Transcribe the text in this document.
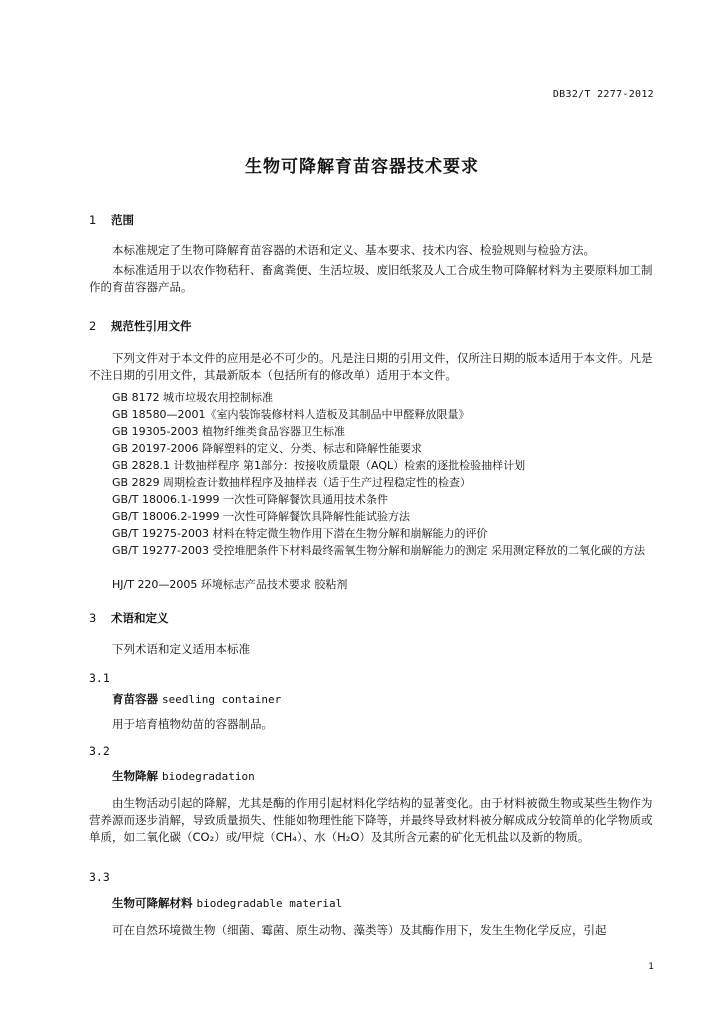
DB32/T 2277-2012
生物可降解育苗容器技术要求
1 范围
本标准规定了生物可降解育苗容器的术语和定义、基本要求、技术内容、检验规则与检验方法。
本标准适用于以农作物秸秆、畜禽粪便、生活垃圾、废旧纸浆及人工合成生物可降解材料为主要原料加工制作的育苗容器产品。
2 规范性引用文件
下列文件对于本文件的应用是必不可少的。凡是注日期的引用文件，仅所注日期的版本适用于本文件。凡是不注日期的引用文件，其最新版本（包括所有的修改单）适用于本文件。
GB 8172 城市垃圾农用控制标准
GB 18580—2001《室内装饰装修材料人造板及其制品中甲醛释放限量》
GB 19305-2003 植物纤维类食品容器卫生标准
GB 20197-2006 降解塑料的定义、分类、标志和降解性能要求
GB 2828.1 计数抽样程序 第1部分：按接收质量限（AQL）检索的逐批检验抽样计划
GB 2829 周期检查计数抽样程序及抽样表（适于生产过程稳定性的检查）
GB/T 18006.1-1999 一次性可降解餐饮具通用技术条件
GB/T 18006.2-1999 一次性可降解餐饮具降解性能试验方法
GB/T 19275-2003 材料在特定微生物作用下潜在生物分解和崩解能力的评价
GB/T 19277-2003 受控堆肥条件下材料最终需氧生物分解和崩解能力的测定 采用测定释放的二氧化碳的方法
HJ/T 220—2005 环境标志产品技术要求 胶粘剂
3 术语和定义
下列术语和定义适用本标准
3.1
育苗容器 seedling container
用于培育植物幼苗的容器制品。
3.2
生物降解 biodegradation
由生物活动引起的降解，尤其是酶的作用引起材料化学结构的显著变化。由于材料被微生物或某些生物作为营养源而逐步消解，导致质量损失、性能如物理性能下降等，并最终导致材料被分解成成分较简单的化学物质或单质，如二氧化碳（CO₂）或/甲烷（CH₄）、水（H₂O）及其所含元素的矿化无机盐以及新的物质。
3.3
生物可降解材料 biodegradable material
可在自然环境微生物（细菌、霉菌、原生动物、藻类等）及其酶作用下，发生生物化学反应，引起
1
